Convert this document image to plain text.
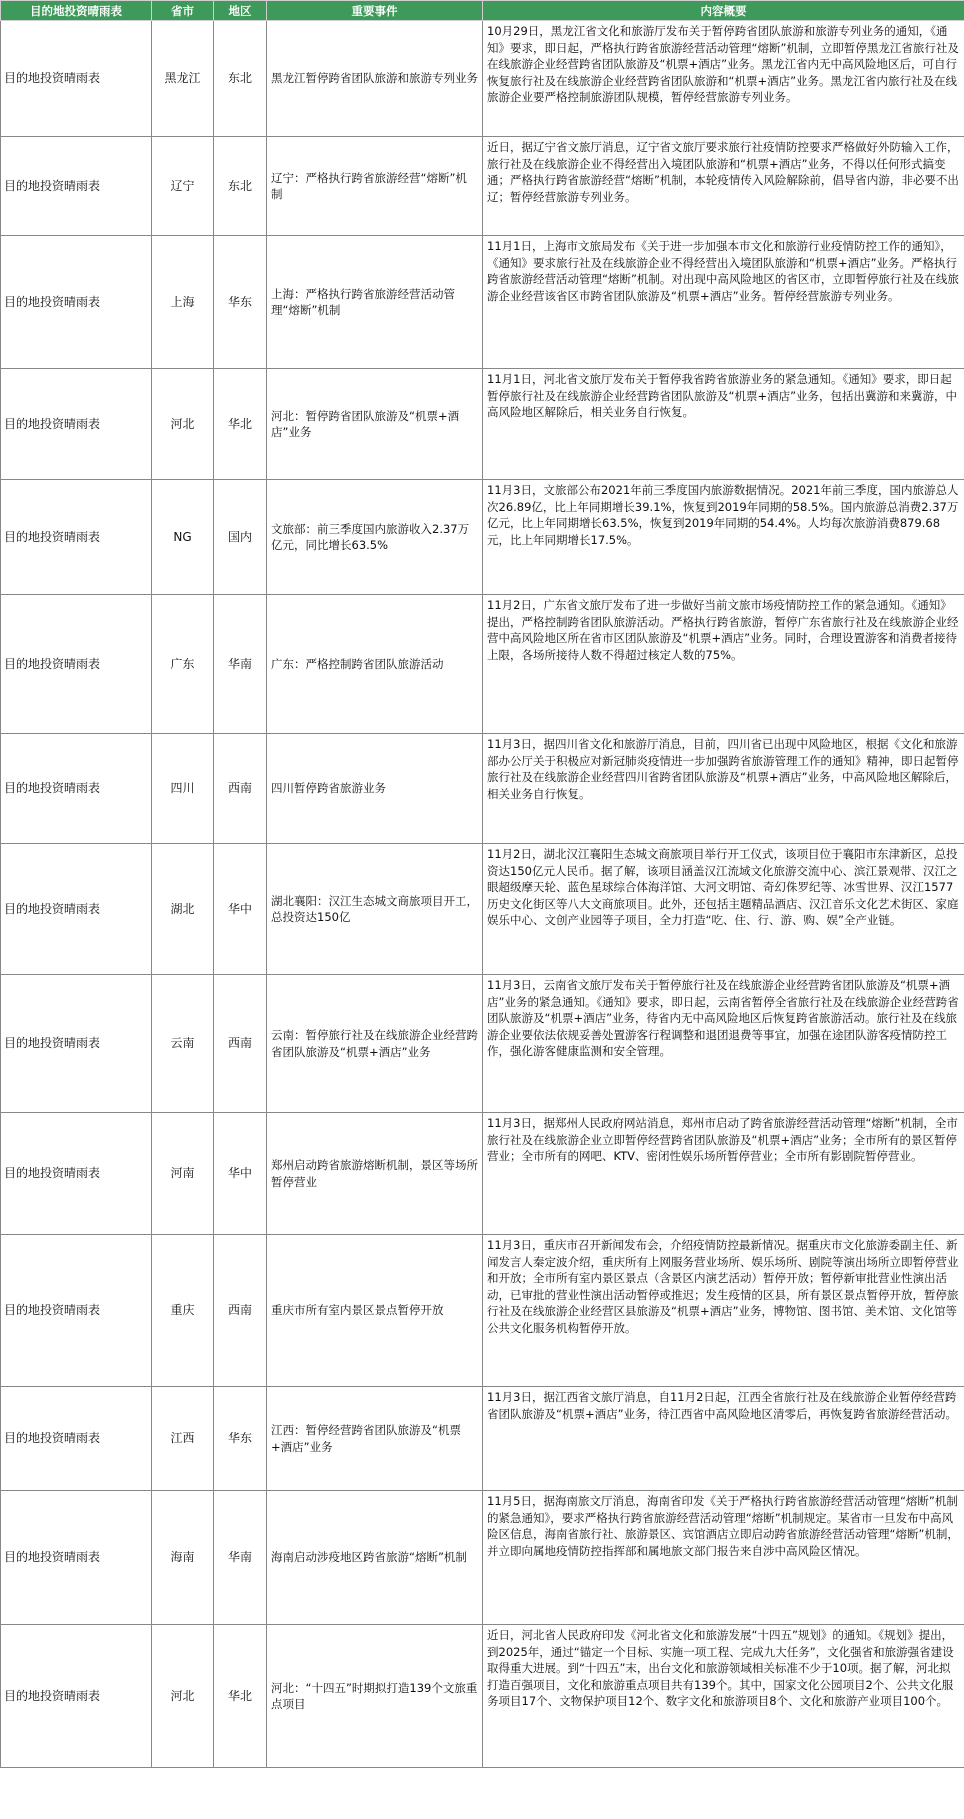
目的地投资晴雨表	省市	地区	重要事件	内容概要
目的地投资晴雨表	黑龙江	东北	黑龙江暂停跨省团队旅游和旅游专列业务	10月29日，黑龙江省文化和旅游厅发布关于暂停跨省团队旅游和旅游专列业务的通知，《通知》要求，即日起，严格执行跨省旅游经营活动管理“熔断”机制，立即暂停黑龙江省旅行社及在线旅游企业经营跨省团队旅游及“机票+酒店”业务。黑龙江省内无中高风险地区后，可自行恢复旅行社及在线旅游企业经营跨省团队旅游和“机票+酒店”业务。黑龙江省内旅行社及在线旅游企业要严格控制旅游团队规模，暂停经营旅游专列业务。
目的地投资晴雨表	辽宁	东北	辽宁：严格执行跨省旅游经营“熔断”机制	近日，据辽宁省文旅厅消息，辽宁省文旅厅要求旅行社疫情防控要求严格做好外防输入工作，旅行社及在线旅游企业不得经营出入境团队旅游和“机票+酒店”业务，不得以任何形式搞变通；严格执行跨省旅游经营“熔断”机制，本轮疫情传入风险解除前，倡导省内游，非必要不出辽；暂停经营旅游专列业务。
目的地投资晴雨表	上海	华东	上海：严格执行跨省旅游经营活动管理“熔断”机制	11月1日，上海市文旅局发布《关于进一步加强本市文化和旅游行业疫情防控工作的通知》，《通知》要求旅行社及在线旅游企业不得经营出入境团队旅游和“机票+酒店”业务。严格执行跨省旅游经营活动管理“熔断”机制。对出现中高风险地区的省区市，立即暂停旅行社及在线旅游企业经营该省区市跨省团队旅游及“机票+酒店”业务。暂停经营旅游专列业务。
目的地投资晴雨表	河北	华北	河北：暂停跨省团队旅游及“机票+酒店”业务	11月1日，河北省文旅厅发布关于暂停我省跨省旅游业务的紧急通知。《通知》要求，即日起暂停旅行社及在线旅游企业经营跨省团队旅游及“机票+酒店”业务，包括出冀游和来冀游，中高风险地区解除后，相关业务自行恢复。
目的地投资晴雨表	NG	国内	文旅部：前三季度国内旅游收入2.37万亿元，同比增长63.5%	11月3日，文旅部公布2021年前三季度国内旅游数据情况。2021年前三季度，国内旅游总人次26.89亿，比上年同期增长39.1%，恢复到2019年同期的58.5%。国内旅游总消费2.37万亿元，比上年同期增长63.5%，恢复到2019年同期的54.4%。人均每次旅游消费879.68元，比上年同期增长17.5%。
目的地投资晴雨表	广东	华南	广东：严格控制跨省团队旅游活动	11月2日，广东省文旅厅发布了进一步做好当前文旅市场疫情防控工作的紧急通知。《通知》提出，严格控制跨省团队旅游活动。严格执行跨省旅游，暂停广东省旅行社及在线旅游企业经营中高风险地区所在省市区团队旅游及“机票+酒店”业务。同时，合理设置游客和消费者接待上限，各场所接待人数不得超过核定人数的75%。
目的地投资晴雨表	四川	西南	四川暂停跨省旅游业务	11月3日，据四川省文化和旅游厅消息，目前，四川省已出现中风险地区，根据《文化和旅游部办公厅关于积极应对新冠肺炎疫情进一步加强跨省旅游管理工作的通知》精神，即日起暂停旅行社及在线旅游企业经营四川省跨省团队旅游及“机票+酒店”业务，中高风险地区解除后，相关业务自行恢复。
目的地投资晴雨表	湖北	华中	湖北襄阳：汉江生态城文商旅项目开工，总投资达150亿	11月2日，湖北汉江襄阳生态城文商旅项目举行开工仪式，该项目位于襄阳市东津新区，总投资达150亿元人民币。据了解，该项目涵盖汉江流域文化旅游交流中心、滨江景观带、汉江之眼超级摩天轮、蓝色星球综合体海洋馆、大河文明馆、奇幻侏罗纪等、冰雪世界、汉江1577历史文化街区等八大文商旅项目。此外，还包括主题精品酒店、汉江音乐文化艺术街区、家庭娱乐中心、文创产业园等子项目，全力打造“吃、住、行、游、购、娱”全产业链。
目的地投资晴雨表	云南	西南	云南：暂停旅行社及在线旅游企业经营跨省团队旅游及“机票+酒店”业务	11月3日，云南省文旅厅发布关于暂停旅行社及在线旅游企业经营跨省团队旅游及“机票+酒店”业务的紧急通知。《通知》要求，即日起，云南省暂停全省旅行社及在线旅游企业经营跨省团队旅游及“机票+酒店”业务，待省内无中高风险地区后恢复跨省旅游活动。旅行社及在线旅游企业要依法依规妥善处置游客行程调整和退团退费等事宜，加强在途团队游客疫情防控工作，强化游客健康监测和安全管理。
目的地投资晴雨表	河南	华中	郑州启动跨省旅游熔断机制，景区等场所暂停营业	11月3日，据郑州人民政府网站消息，郑州市启动了跨省旅游经营活动管理“熔断”机制，全市旅行社及在线旅游企业立即暂停经营跨省团队旅游及“机票+酒店”业务；全市所有的景区暂停营业；全市所有的网吧、KTV、密闭性娱乐场所暂停营业；全市所有影剧院暂停营业。
目的地投资晴雨表	重庆	西南	重庆市所有室内景区景点暂停开放	11月3日，重庆市召开新闻发布会，介绍疫情防控最新情况。据重庆市文化旅游委副主任、新闻发言人秦定波介绍，重庆所有上网服务营业场所、娱乐场所、剧院等演出场所立即暂停营业和开放；全市所有室内景区景点（含景区内演艺活动）暂停开放；暂停新审批营业性演出活动，已审批的营业性演出活动暂停或推迟；发生疫情的区县，所有景区景点暂停开放，暂停旅行社及在线旅游企业经营区县旅游及“机票+酒店”业务，博物馆、图书馆、美术馆、文化馆等公共文化服务机构暂停开放。
目的地投资晴雨表	江西	华东	江西：暂停经营跨省团队旅游及“机票+酒店”业务	11月3日，据江西省文旅厅消息，自11月2日起，江西全省旅行社及在线旅游企业暂停经营跨省团队旅游及“机票+酒店”业务，待江西省中高风险地区清零后，再恢复跨省旅游经营活动。
目的地投资晴雨表	海南	华南	海南启动涉疫地区跨省旅游“熔断”机制	11月5日，据海南旅文厅消息，海南省印发《关于严格执行跨省旅游经营活动管理“熔断”机制的紧急通知》，要求严格执行跨省旅游经营活动管理“熔断”机制规定。某省市一旦发布中高风险区信息，海南省旅行社、旅游景区、宾馆酒店立即启动跨省旅游经营活动管理“熔断”机制，并立即向属地疫情防控指挥部和属地旅文部门报告来自涉中高风险区情况。
目的地投资晴雨表	河北	华北	河北：“十四五”时期拟打造139个文旅重点项目	近日，河北省人民政府印发《河北省文化和旅游发展“十四五”规划》的通知。《规划》提出，到2025年，通过“锚定一个目标、实施一项工程、完成九大任务”，文化强省和旅游强省建设取得重大进展。到“十四五”末，出台文化和旅游领域相关标准不少于10项。据了解，河北拟打造百强项目，文化和旅游重点项目共有139个。其中，国家文化公园项目2个、公共文化服务项目17个、文物保护项目12个、数字文化和旅游项目8个、文化和旅游产业项目100个。
